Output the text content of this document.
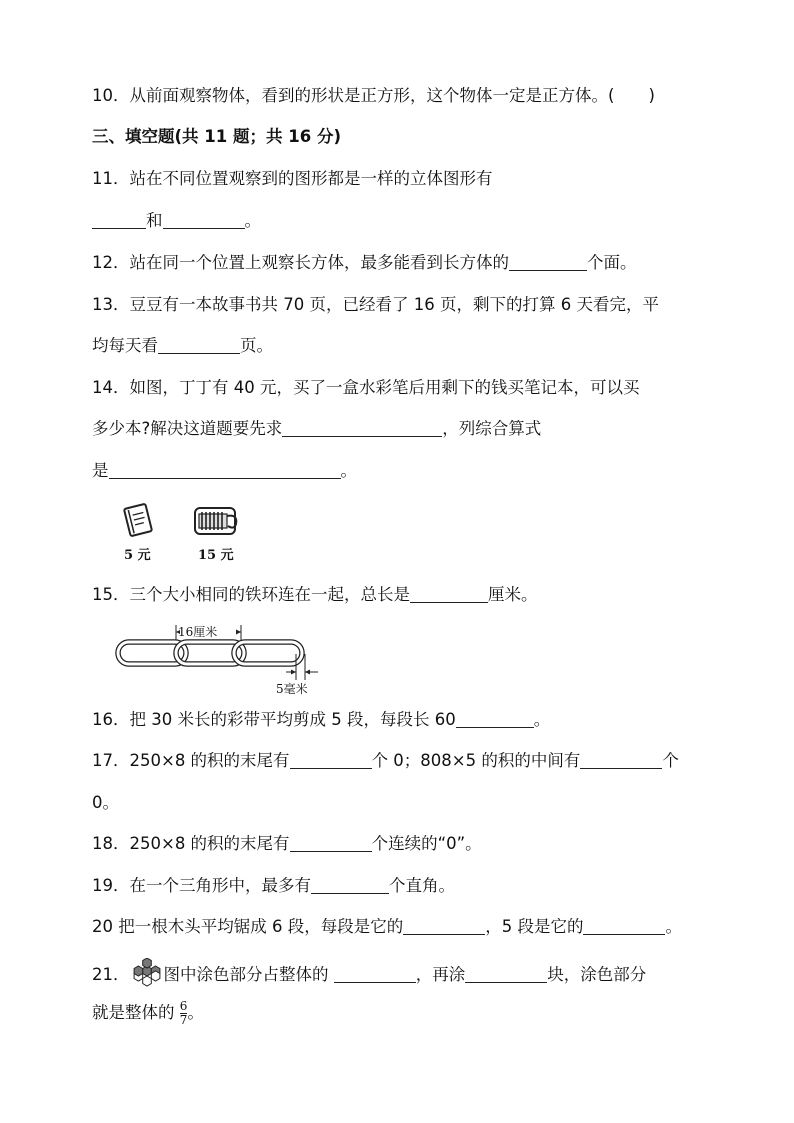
10．从前面观察物体，看到的形状是正方形，这个物体一定是正方体。( )
三、填空题(共 11 题；共 16 分)
11．站在不同位置观察到的图形都是一样的立体图形有
和	。
12．站在同一个位置上观察长方体，最多能看到长方体的	个面。
13．豆豆有一本故事书共 70 页，已经看了 16 页，剩下的打算 6 天看完，平
均每天看	页。
14．如图，丁丁有 40 元，买了一盒水彩笔后用剩下的钱买笔记本，可以买
多少本?解决这道题要先求	，列综合算式
是	。
5 元	15 元
15．三个大小相同的铁环连在一起，总长是	厘米。
16厘米
5毫米
16．把 30 米长的彩带平均剪成 5 段，每段长 60	。
17．250×8 的积的末尾有	个 0；808×5 的积的中间有	个
0。
18．250×8 的积的末尾有	个连续的“0”。
19．在一个三角形中，最多有	个直角。
20 把一根木头平均锯成 6 段，每段是它的	，5 段是它的	。
21． 图中涂色部分占整体的	，再涂	块，涂色部分
就是整体的 $\frac{6}{7}$ 。
